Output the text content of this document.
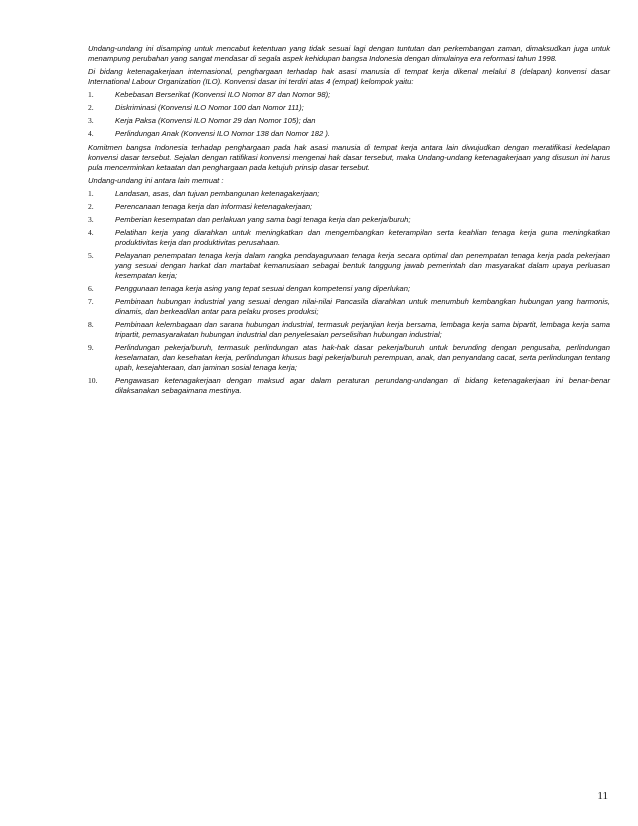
Undang-undang ini disamping untuk mencabut ketentuan yang tidak sesuai lagi dengan tuntutan dan perkembangan zaman, dimaksudkan juga untuk menampung perubahan yang sangat mendasar di segala aspek kehidupan bangsa Indonesia dengan dimulainya era reformasi tahun 1998.

Di bidang ketenagakerjaan internasional, penghargaan terhadap hak asasi manusia di tempat kerja dikenal melalui 8 (delapan) konvensi dasar International Labour Organization (ILO). Konvensi dasar ini terdiri atas 4 (empat) kelompok yaitu:

1.	Kebebasan Berserikat (Konvensi ILO Nomor 87 dan Nomor 98);
2.	Diskriminasi (Konvensi ILO Nomor 100 dan Nomor 111);
3.	Kerja Paksa (Konvensi ILO Nomor 29 dan Nomor 105); dan
4.	Perlindungan Anak (Konvensi ILO Nomor 138 dan Nomor 182 ).

Komitmen bangsa Indonesia terhadap penghargaan pada hak asasi manusia di tempat kerja antara lain diwujudkan dengan meratifikasi kedelapan konvensi dasar tersebut. Sejalan dengan ratifikasi konvensi mengenai hak dasar tersebut, maka Undang-undang ketenagakerjaan yang disusun ini harus pula mencerminkan ketaatan dan penghargaan pada ketujuh prinsip dasar tersebut.

Undang-undang ini antara lain memuat :

1.	Landasan, asas, dan tujuan pembangunan ketenagakerjaan;
2.	Perencanaan tenaga kerja dan informasi ketenagakerjaan;
3.	Pemberian kesempatan dan perlakuan yang sama bagi tenaga kerja dan pekerja/buruh;
4.	Pelatihan kerja yang diarahkan untuk meningkatkan dan mengembangkan keterampilan serta keahlian tenaga kerja guna meningkatkan produktivitas kerja dan produktivitas perusahaan.
5.	Pelayanan penempatan tenaga kerja dalam rangka pendayagunaan tenaga kerja secara optimal dan penempatan tenaga kerja pada pekerjaan yang sesuai dengan harkat dan martabat kemanusiaan sebagai bentuk tanggung jawab pemerintah dan masyarakat dalam upaya perluasan kesempatan kerja;
6.	Penggunaan tenaga kerja asing yang tepat sesuai dengan kompetensi yang diperlukan;
7.	Pembinaan hubungan industrial yang sesuai dengan nilai-nilai Pancasila diarahkan untuk menumbuh kembangkan hubungan yang harmonis, dinamis, dan berkeadilan antar para pelaku proses produksi;
8.	Pembinaan kelembagaan dan sarana hubungan industrial, termasuk perjanjian kerja bersama, lembaga kerja sama bipartit, lembaga kerja sama tripartit, pemasyarakatan hubungan industrial dan penyelesaian perselisihan hubungan industrial;
9.	Perlindungan pekerja/buruh, termasuk perlindungan atas hak-hak dasar pekerja/buruh untuk berunding dengan pengusaha, perlindungan keselamatan, dan kesehatan kerja, perlindungan khusus bagi pekerja/buruh perempuan, anak, dan penyandang cacat, serta perlindungan tentang upah, kesejahteraan, dan jaminan sosial tenaga kerja;
10. Pengawasan ketenagakerjaan dengan maksud agar dalam peraturan perundang-undangan di bidang ketenagakerjaan ini benar-benar dilaksanakan sebagaimana mestinya.
11
